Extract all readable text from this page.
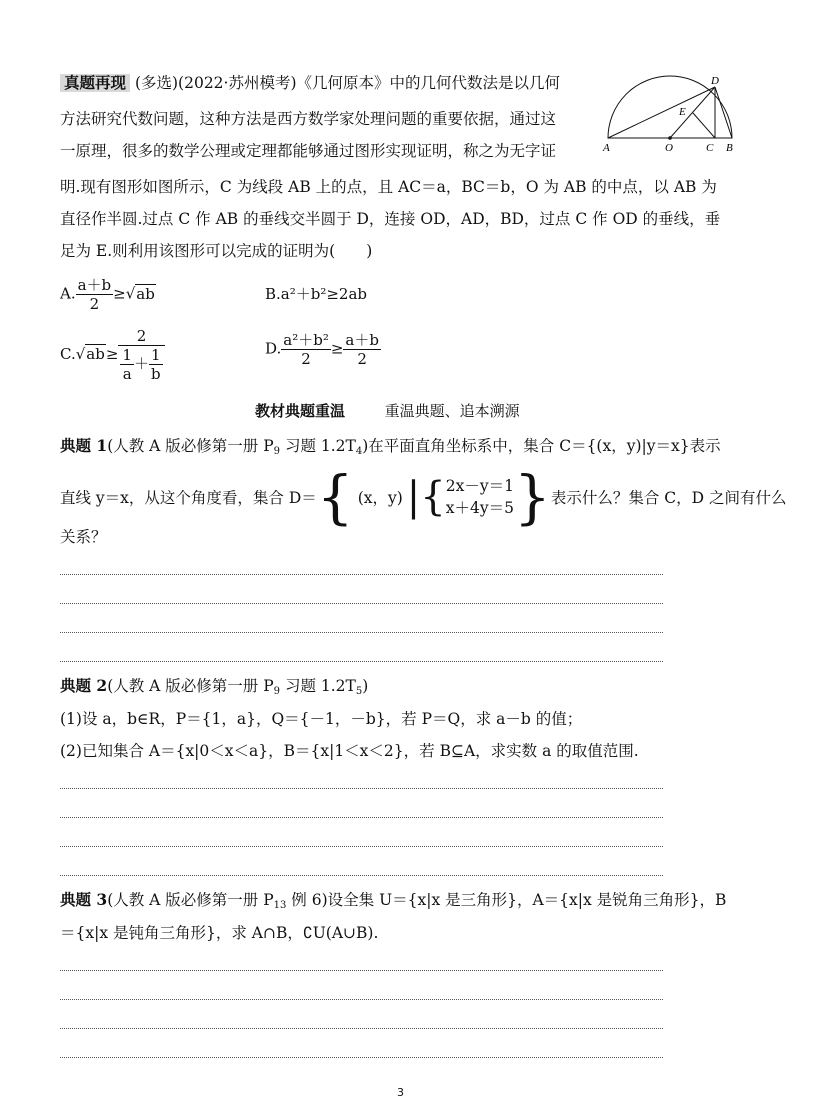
真题再现 (多选)(2022·苏州模考)《几何原本》中的几何代数法是以几何
方法研究代数问题，这种方法是西方数学家处理问题的重要依据，通过这
一原理，很多的数学公理或定理都能够通过图形实现证明，称之为无字证
明.现有图形如图所示，C 为线段 AB 上的点，且 AC＝a，BC＝b，O 为 AB 的中点，以 AB 为
直径作半圆.过点 C 作 AB 的垂线交半圆于 D，连接 OD，AD，BD，过点 C 作 OD 的垂线，垂
足为 E.则利用该图形可以完成的证明为(　　)
A	O	C B
D
E
A. $\frac{a+b}{2} \ge√ab$	B.a²＋b²≥2ab
$C.√ab\ge \frac{2}{\frac{1}{a} + \frac{1}{b}}$	D. $\frac{\text{a²＋b²}}{2} \ge \frac{a+b}{2}$
教材典题重温	重温典题、追本溯源
典题 1(人教 A 版必修第一册 $P_9$ 习题 $1.2T_4$)在平面直角坐标系中，集合 C＝{(x，y)|y＝x}表示
直线 y＝x，从这个角度看，集合 D＝ { (x，y) | { 2x－y＝1
x＋4y＝5 } 表示什么？集合 C，D 之间有什么
关系？
典题 2(人教 A 版必修第一册 $P_9$ 习题 $1.2T_5$)
(1)设 a，b∈R，P＝{1，a}，Q＝{－1，－b}，若 P＝Q，求 a－b 的值；
(2)已知集合 A＝{x|0＜x＜a}，B＝{x|1＜x＜2}，若 B⊆A，求实数 a 的取值范围.
典题 3(人教 A 版必修第一册 $P_{13}$ 例 6)设全集 U＝{x|x 是三角形}，A＝{x|x 是锐角三角形}，B
＝{x|x 是钝角三角形}，求 A∩B，∁U(A∪B).
3
